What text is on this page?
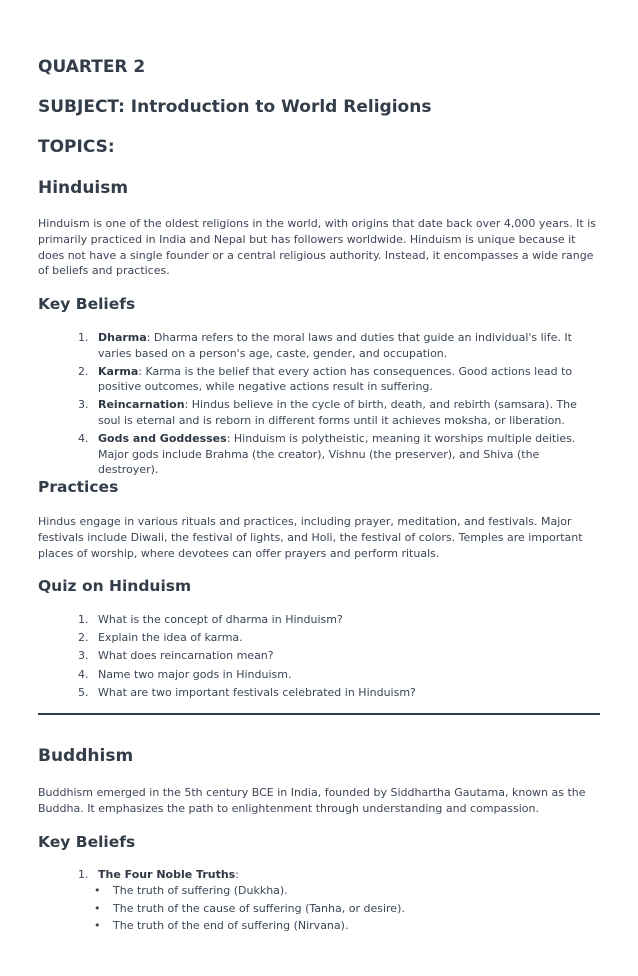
QUARTER 2
SUBJECT: Introduction to World Religions
TOPICS:
Hinduism

Hinduism is one of the oldest religions in the world, with origins that date back over 4,000 years. It is primarily practiced in India and Nepal but has followers worldwide. Hinduism is unique because it does not have a single founder or a central religious authority. Instead, it encompasses a wide range of beliefs and practices.

Key Beliefs
1. Dharma: Dharma refers to the moral laws and duties that guide an individual's life. It varies based on a person's age, caste, gender, and occupation.
2. Karma: Karma is the belief that every action has consequences. Good actions lead to positive outcomes, while negative actions result in suffering.
3. Reincarnation: Hindus believe in the cycle of birth, death, and rebirth (samsara). The soul is eternal and is reborn in different forms until it achieves moksha, or liberation.
4. Gods and Goddesses: Hinduism is polytheistic, meaning it worships multiple deities. Major gods include Brahma (the creator), Vishnu (the preserver), and Shiva (the destroyer).
Practices

Hindus engage in various rituals and practices, including prayer, meditation, and festivals. Major festivals include Diwali, the festival of lights, and Holi, the festival of colors. Temples are important places of worship, where devotees can offer prayers and perform rituals.

Quiz on Hinduism
1. What is the concept of dharma in Hinduism?
2. Explain the idea of karma.
3. What does reincarnation mean?
4. Name two major gods in Hinduism.
5. What are two important festivals celebrated in Hinduism?
Buddhism

Buddhism emerged in the 5th century BCE in India, founded by Siddhartha Gautama, known as the Buddha. It emphasizes the path to enlightenment through understanding and compassion.

Key Beliefs
1. The Four Noble Truths:
• The truth of suffering (Dukkha).
• The truth of the cause of suffering (Tanha, or desire).
• The truth of the end of suffering (Nirvana).
